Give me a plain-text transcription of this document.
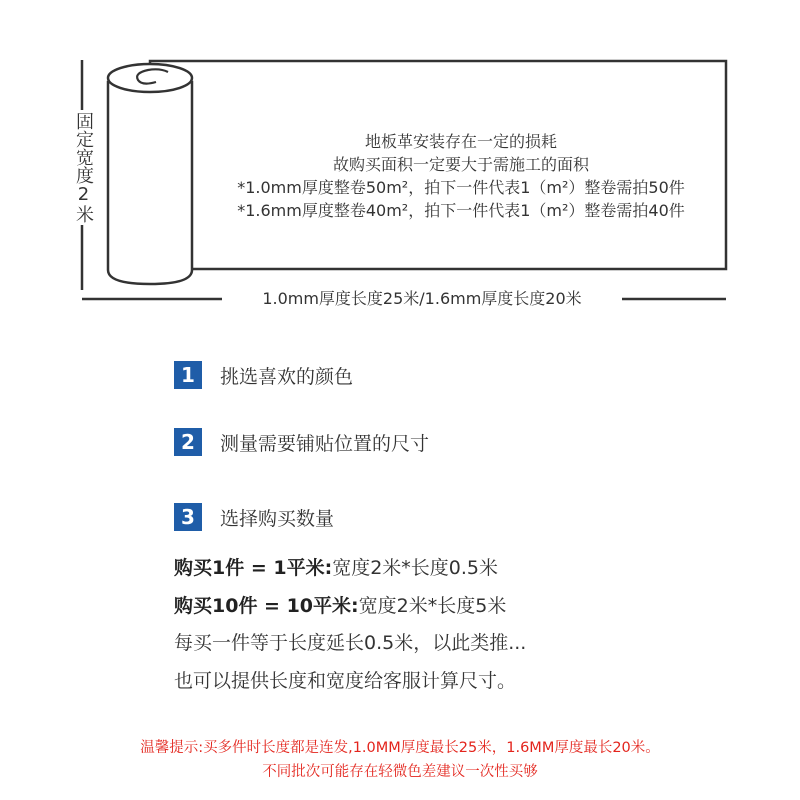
固定宽度2米	地板革安装存在一定的损耗
故购买面积一定要大于需施工的面积
*1.0mm厚度整卷50m²，拍下一件代表1（m²）整卷需拍50件
*1.6mm厚度整卷40m²，拍下一件代表1（m²）整卷需拍40件
1.0mm厚度长度25米/1.6mm厚度长度20米
1	挑选喜欢的颜色
2	测量需要铺贴位置的尺寸
3	选择购买数量
购买1件 = 1平米:宽度2米*长度0.5米
购买10件 = 10平米:宽度2米*长度5米
每买一件等于长度延长0.5米，以此类推...
也可以提供长度和宽度给客服计算尺寸。
温馨提示:买多件时长度都是连发,1.0MM厚度最长25米，1.6MM厚度最长20米。
不同批次可能存在轻微色差建议一次性买够
